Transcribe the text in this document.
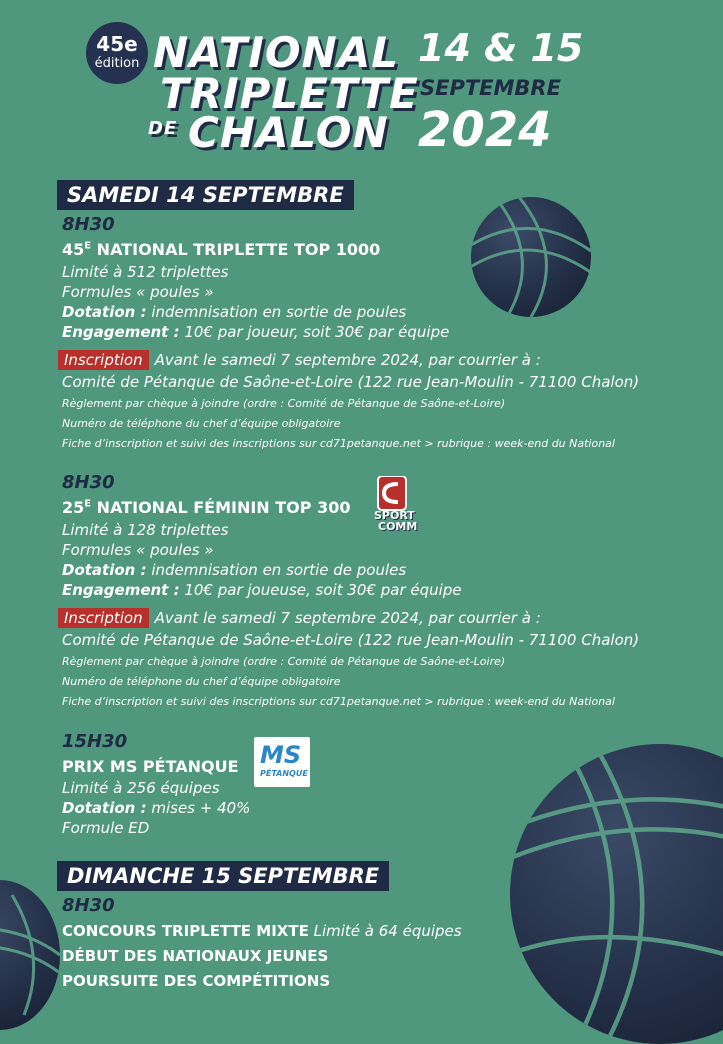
45e
édition NATIONAL
TRIPLETTE
DE CHALON
14 & 15
SEPTEMBRE
2024
SAMEDI 14 SEPTEMBRE
8H30
$45^E$ NATIONAL TRIPLETTE TOP 1000
Limité à 512 triplettes
Formules « poules »
Dotation : indemnisation en sortie de poules
Engagement : 10€ par joueur, soit 30€ par équipe
Inscription Avant le samedi 7 septembre 2024, par courrier à :
Comité de Pétanque de Saône-et-Loire (122 rue Jean-Moulin - 71100 Chalon)
Règlement par chèque à joindre (ordre : Comité de Pétanque de Saône-et-Loire)
Numéro de téléphone du chef d’équipe obligatoire
Fiche d’inscription et suivi des inscriptions sur cd71petanque.net > rubrique : week-end du National
8H30
$25^E$ NATIONAL FÉMININ TOP 300 SPORT
COMM
Limité à 128 triplettes
Formules « poules »
Dotation : indemnisation en sortie de poules
Engagement : 10€ par joueuse, soit 30€ par équipe
Inscription Avant le samedi 7 septembre 2024, par courrier à :
Comité de Pétanque de Saône-et-Loire (122 rue Jean-Moulin - 71100 Chalon)
Règlement par chèque à joindre (ordre : Comité de Pétanque de Saône-et-Loire)
Numéro de téléphone du chef d’équipe obligatoire
Fiche d’inscription et suivi des inscriptions sur cd71petanque.net > rubrique : week-end du National
15H30
PRIX MS PÉTANQUE MS
PÉTANQUE
Limité à 256 équipes
Dotation : mises + 40%
Formule ED
DIMANCHE 15 SEPTEMBRE
8H30
CONCOURS TRIPLETTE MIXTE Limité à 64 équipes
DÉBUT DES NATIONAUX JEUNES
POURSUITE DES COMPÉTITIONS
